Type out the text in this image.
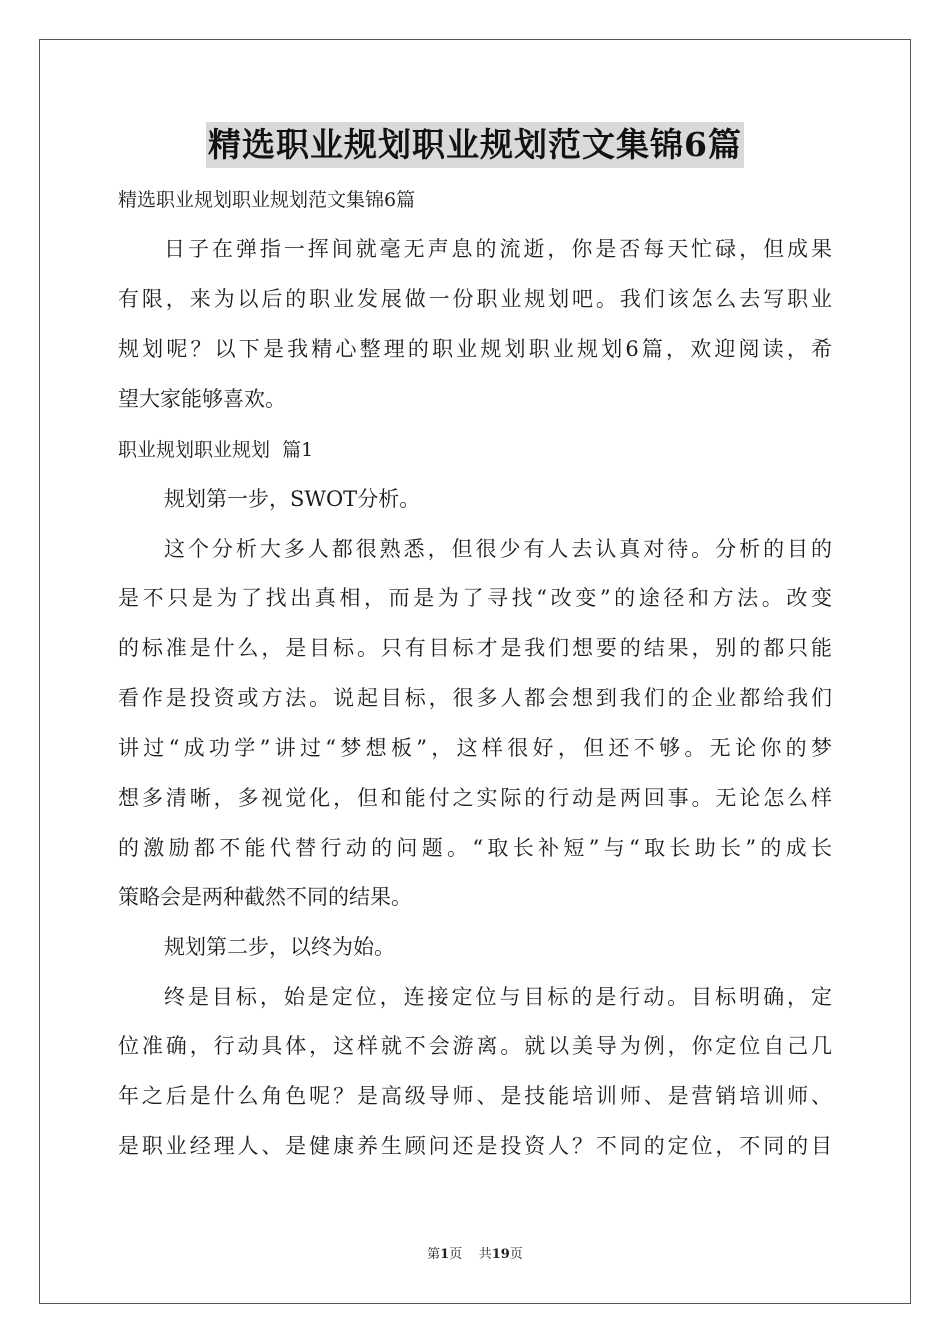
精选职业规划职业规划范文集锦6篇
精选职业规划职业规划范文集锦6篇
日子在弹指一挥间就毫无声息的流逝，你是否每天忙碌，但成果
有限，来为以后的职业发展做一份职业规划吧。我们该怎么去写职业
规划呢？以下是我精心整理的职业规划职业规划6篇，欢迎阅读，希
望大家能够喜欢。
职业规划职业规划  篇1
规划第一步，SWOT分析。
这个分析大多人都很熟悉，但很少有人去认真对待。分析的目的
是不只是为了找出真相，而是为了寻找“改变”的途径和方法。改变
的标准是什么，是目标。只有目标才是我们想要的结果，别的都只能
看作是投资或方法。说起目标，很多人都会想到我们的企业都给我们
讲过“成功学”讲过“梦想板”，这样很好，但还不够。无论你的梦
想多清晰，多视觉化，但和能付之实际的行动是两回事。无论怎么样
的激励都不能代替行动的问题。“取长补短”与“取长助长”的成长
策略会是两种截然不同的结果。
规划第二步，以终为始。
终是目标，始是定位，连接定位与目标的是行动。目标明确，定
位准确，行动具体，这样就不会游离。就以美导为例，你定位自己几
年之后是什么角色呢？是高级导师、是技能培训师、是营销培训师、
是职业经理人、是健康养生顾问还是投资人？不同的定位，不同的目
第1页    共19页
